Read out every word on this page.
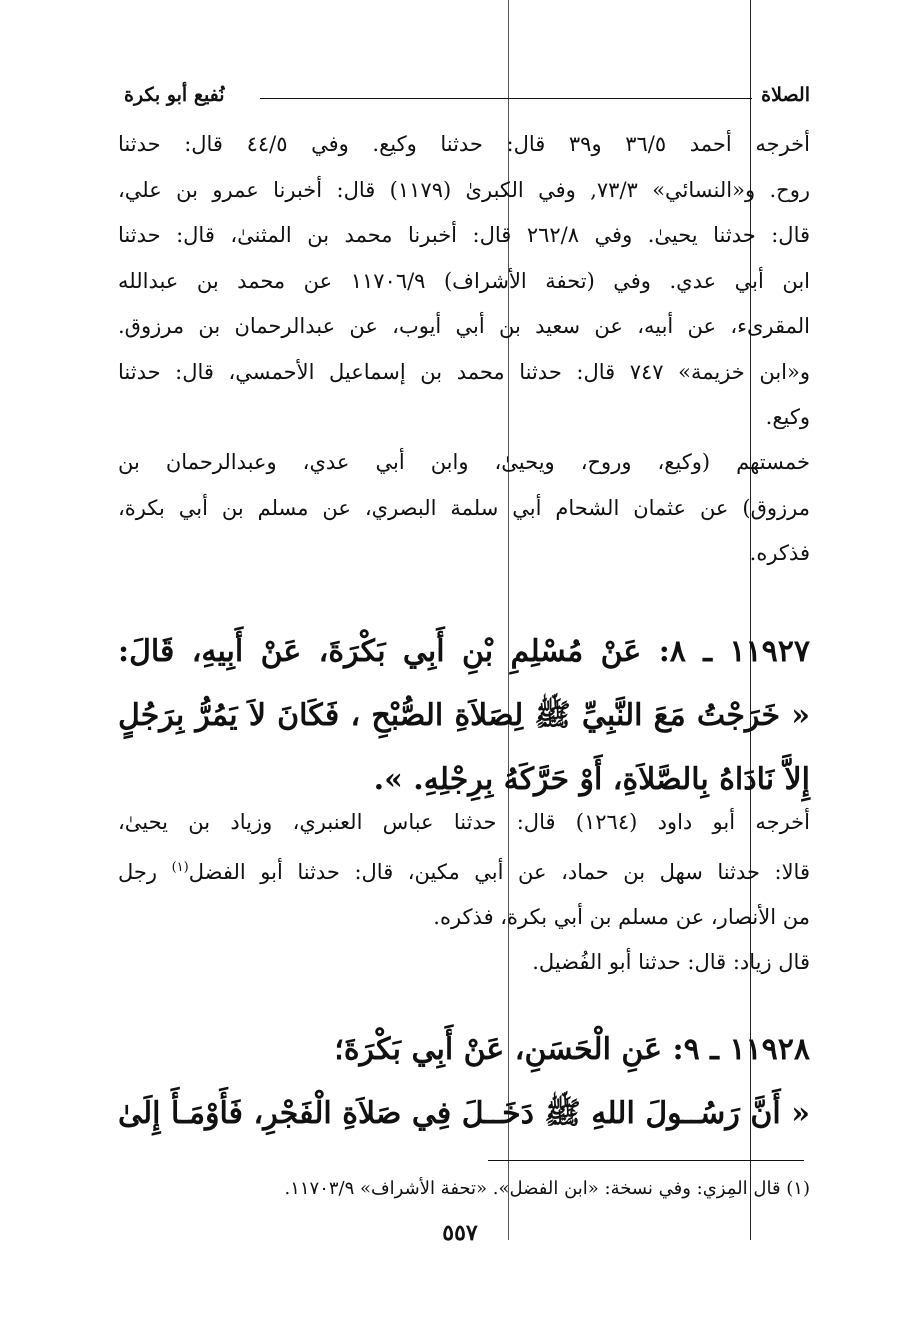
الصلاة
نُفيع أبو بكرة
أخرجه أحمد ٣٦/٥ و٣٩ قال: حدثنا وكيع. وفي ٤٤/٥ قال: حدثنا
روح. و«النسائي» ٧٣/٣, وفي الكبرىٰ (١١٧٩) قال: أخبرنا عمرو بن علي،
قال: حدثنا يحيىٰ. وفي ٢٦٢/٨ قال: أخبرنا محمد بن المثنىٰ، قال: حدثنا
ابن أبي عدي. وفي (تحفة الأشراف) ١١٧٠٦/٩ عن محمد بن عبدالله
المقرىء، عن أبيه، عن سعيد بن أبي أيوب، عن عبدالرحمان بن مرزوق.
و«ابن خزيمة» ٧٤٧ قال: حدثنا محمد بن إسماعيل الأحمسي، قال: حدثنا
وكيع.
خمستهم (وكيع، وروح، ويحيىٰ، وابن أبي عدي، وعبدالرحمان بن
مرزوق) عن عثمان الشحام أبي سلمة البصري، عن مسلم بن أبي بكرة،
فذكره.
١١٩٢٧ ـ ٨: عَنْ مُسْلِمِ بْنِ أَبِي بَكْرَةَ، عَنْ أَبِيهِ، قَالَ:
« خَرَجْتُ مَعَ النَّبِيِّ ﷺ لِصَلاَةِ الصُّبْحِ ، فَكَانَ لاَ يَمُرُّ بِرَجُلٍ
إِلاَّ نَادَاهُ بِالصَّلاَةِ، أَوْ حَرَّكَهُ بِرِجْلِهِ. ».
أخرجه أبو داود (١٢٦٤) قال: حدثنا عباس العنبري، وزياد بن يحيىٰ،
قالا: حدثنا سهل بن حماد، عن أبي مكين، قال: حدثنا أبو الفضل$^{(١)}$ رجل
من الأنصار، عن مسلم بن أبي بكرة، فذكره.
قال زياد: قال: حدثنا أبو الفُضيل.
١١٩٢٨ ـ ٩: عَنِ الْحَسَنِ، عَنْ أَبِي بَكْرَةَ؛
« أَنَّ رَسُــولَ اللهِ ﷺ دَخَــلَ فِي صَلاَةِ الْفَجْرِ، فَأَوْمَـأَ إِلَىٰ
(١) قال المِزي: وفي نسخة: «ابن الفضل». «تحفة الأشراف» ١١٧٠٣/٩.
٥٥٧
